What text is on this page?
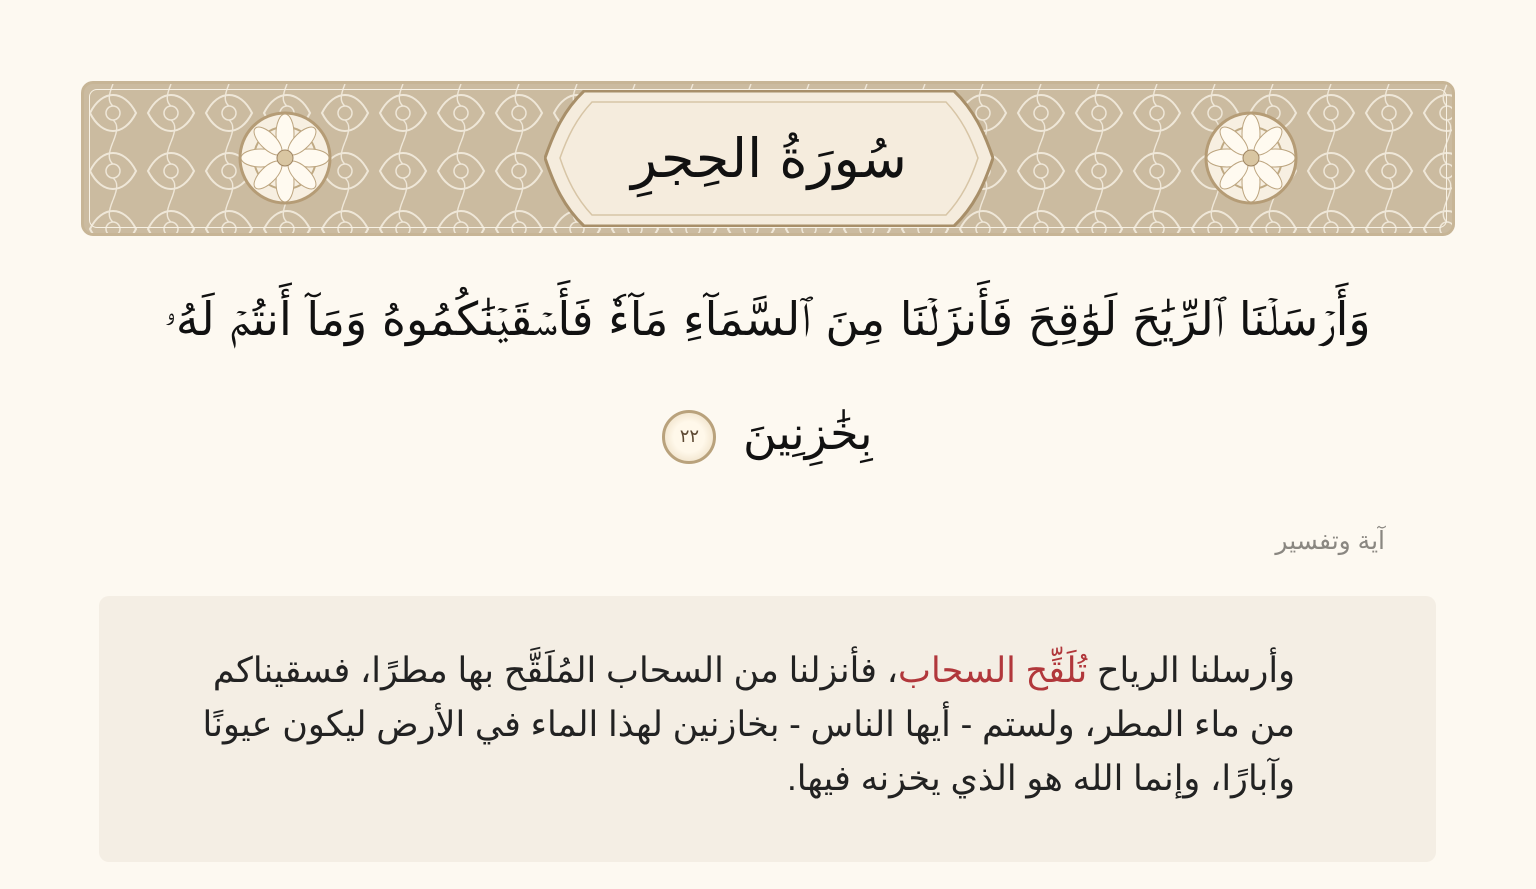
سُورَةُ الحِجرِ
وَأَرۡسَلۡنَا ٱلرِّيَٰحَ لَوَٰقِحَ فَأَنزَلۡنَا مِنَ ٱلسَّمَآءِ مَآءٗ فَأَسۡقَيۡنَٰكُمُوهُ وَمَآ أَنتُمۡ لَهُۥ بِخَٰزِنِينَ
٢٢
آية وتفسير
وأرسلنا الرياح تُلَقِّح السحاب، فأنزلنا من السحاب المُلَقَّح بها مطرًا، فسقيناكم من ماء المطر، ولستم - أيها الناس - بخازنين لهذا الماء في الأرض ليكون عيونًا وآبارًا، وإنما الله هو الذي يخزنه فيها.
